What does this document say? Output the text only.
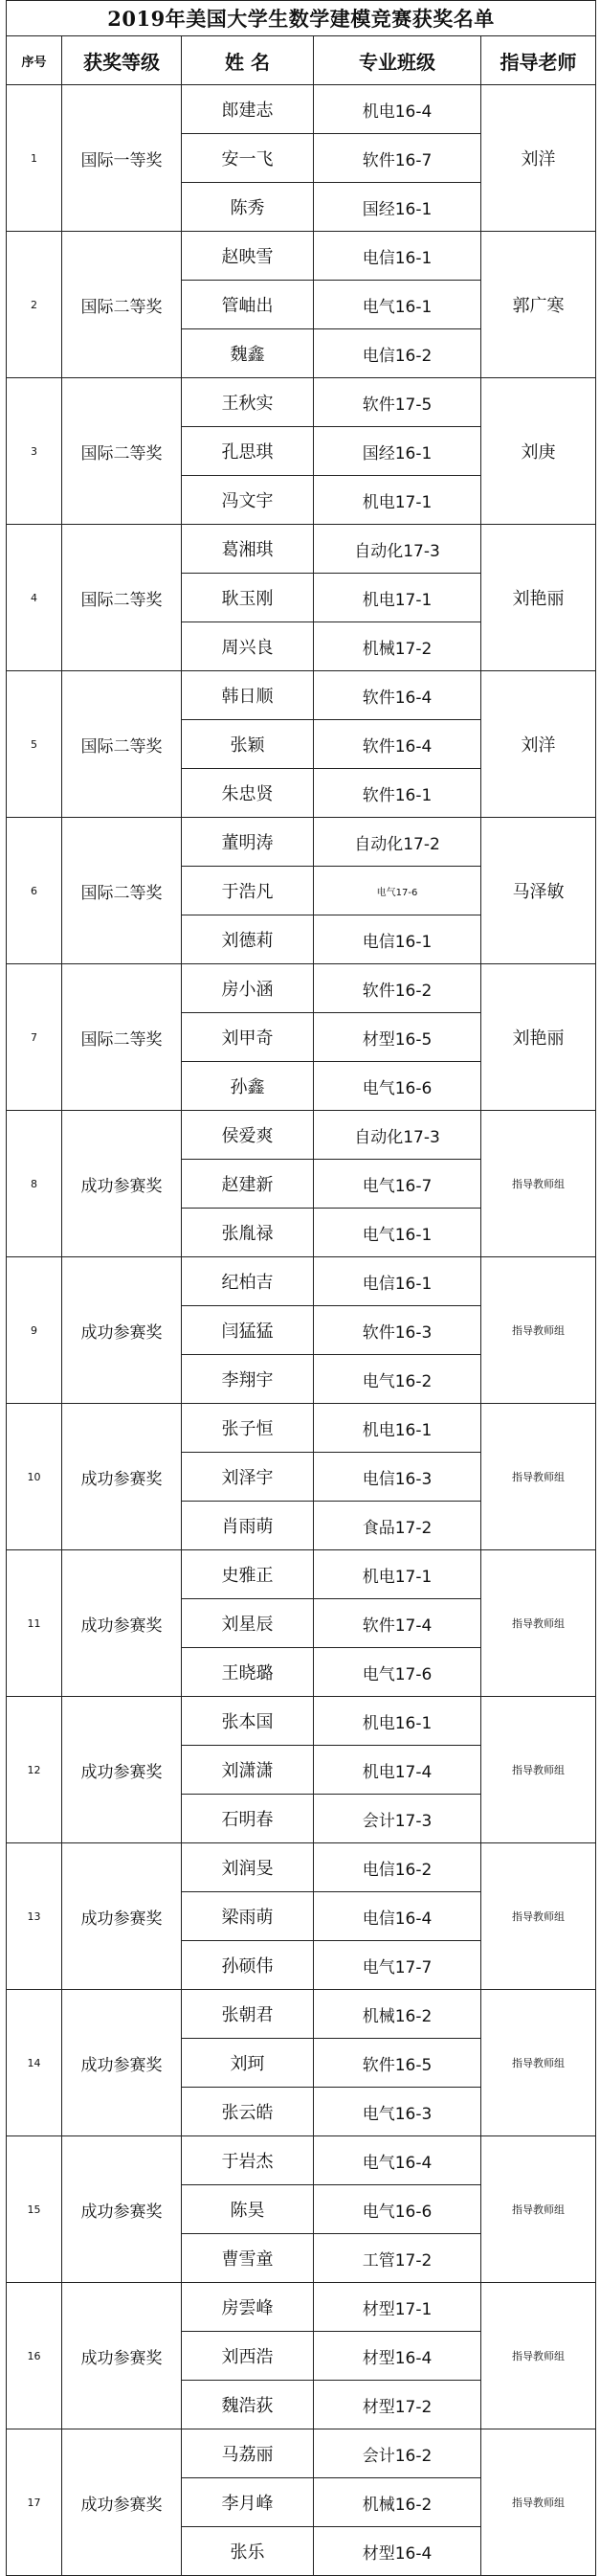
2019年美国大学生数学建模竞赛获奖名单				
序号	获奖等级	姓 名	专业班级	指导老师
1	国际一等奖	郎建志	机电16-4	刘洋
		安一飞	软件16-7	
		陈秀	国经16-1	
2	国际二等奖	赵映雪	电信16-1	郭广寒
		管岫出	电气16-1	
		魏鑫	电信16-2	
3	国际二等奖	王秋实	软件17-5	刘庚
		孔思琪	国经16-1	
		冯文宇	机电17-1	
4	国际二等奖	葛湘琪	自动化17-3	刘艳丽
		耿玉刚	机电17-1	
		周兴良	机械17-2	
5	国际二等奖	韩日顺	软件16-4	刘洋
		张颖	软件16-4	
		朱忠贤	软件16-1	
6	国际二等奖	董明涛	自动化17-2	马泽敏
		于浩凡	电气17-6	
		刘德莉	电信16-1	
7	国际二等奖	房小涵	软件16-2	刘艳丽
		刘甲奇	材型16-5	
		孙鑫	电气16-6	
8	成功参赛奖	侯爱爽	自动化17-3	指导教师组
		赵建新	电气16-7	
		张胤禄	电气16-1	
9	成功参赛奖	纪柏吉	电信16-1	指导教师组
		闫猛猛	软件16-3	
		李翔宇	电气16-2	
10	成功参赛奖	张子恒	机电16-1	指导教师组
		刘泽宇	电信16-3	
		肖雨萌	食品17-2	
11	成功参赛奖	史雅正	机电17-1	指导教师组
		刘星辰	软件17-4	
		王晓璐	电气17-6	
12	成功参赛奖	张本国	机电16-1	指导教师组
		刘潇潇	机电17-4	
		石明春	会计17-3	
13	成功参赛奖	刘润旻	电信16-2	指导教师组
		梁雨萌	电信16-4	
		孙硕伟	电气17-7	
14	成功参赛奖	张朝君	机械16-2	指导教师组
		刘珂	软件16-5	
		张云皓	电气16-3	
15	成功参赛奖	于岩杰	电气16-4	指导教师组
		陈昊	电气16-6	
		曹雪童	工管17-2	
16	成功参赛奖	房雲峰	材型17-1	指导教师组
		刘西浩	材型16-4	
		魏浩荻	材型17-2	
17	成功参赛奖	马荔丽	会计16-2	指导教师组
		李月峰	机械16-2	
		张乐	材型16-4	
